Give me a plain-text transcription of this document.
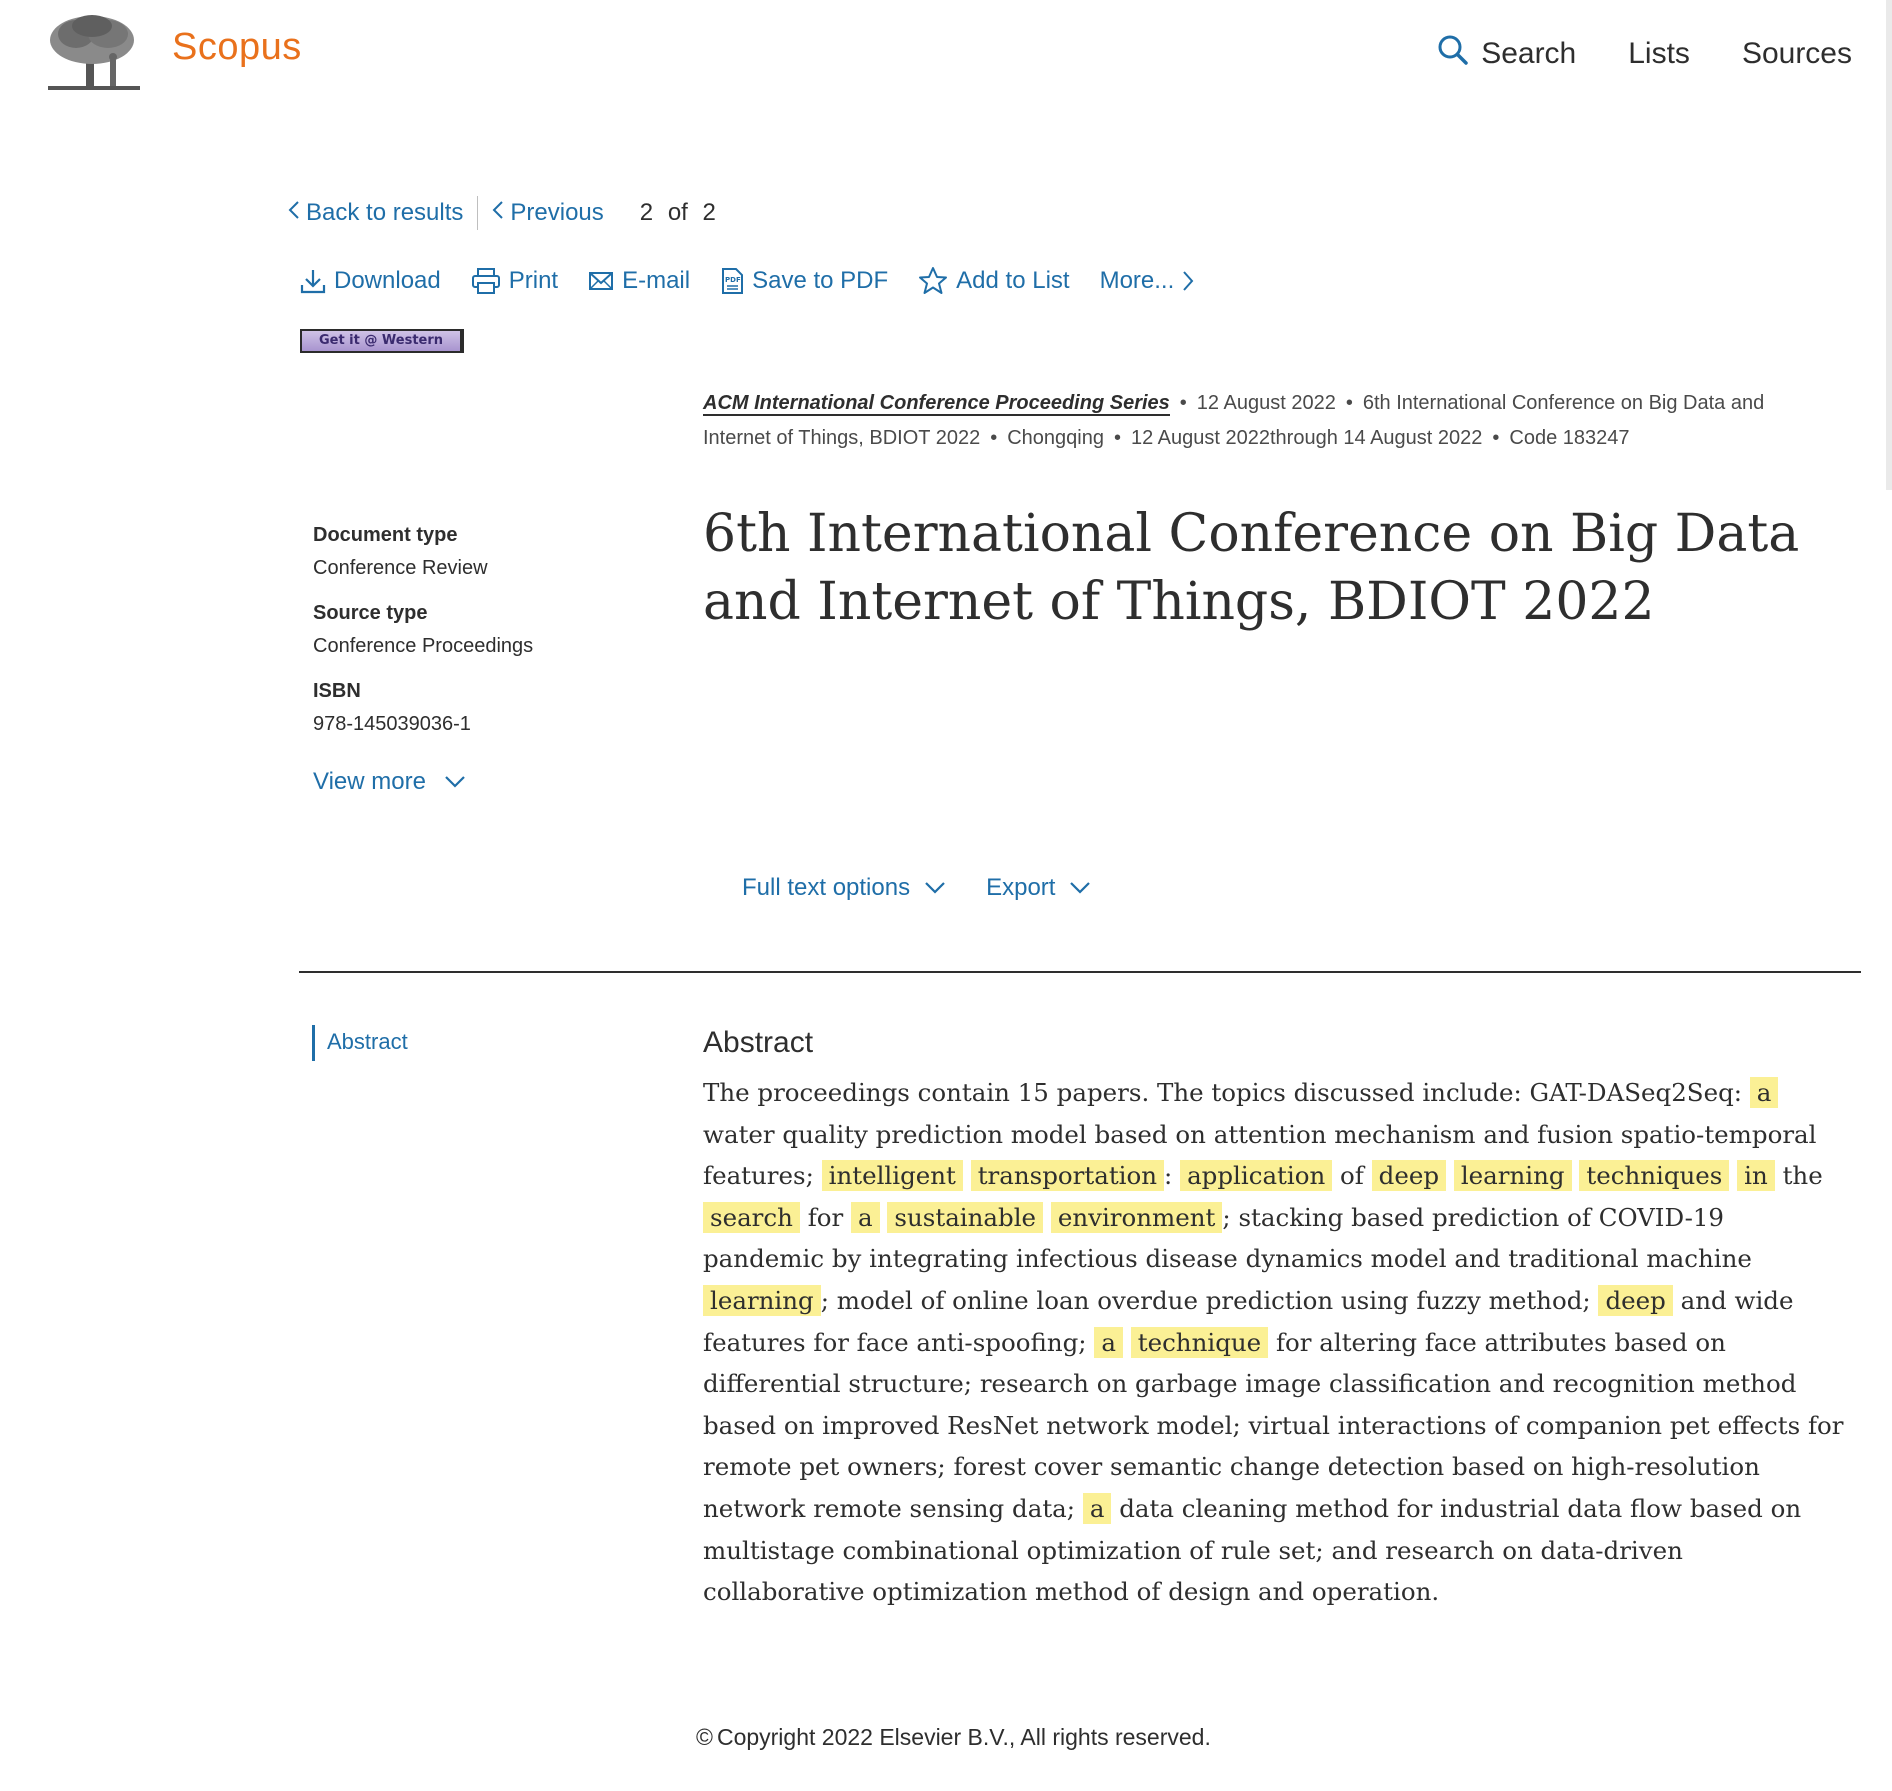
Scopus	Search Lists Sources
Back to results Previous 2 of 2
Download	Print	E-mail	PDF Save to PDF	Add to List More...
Get it @ Western
ACM International Conference Proceeding Series • 12 August 2022 • 6th International Conference on Big Data and Internet of Things, BDIOT 2022 • Chongqing • 12 August 2022through 14 August 2022 • Code 183247
6th International Conference on Big Data and Internet of Things, BDIOT 2022
Document type
Conference Review
Source type
Conference Proceedings
ISBN
978-145039036-1
View more
Full text options	Export
Abstract	Abstract
The proceedings contain 15 papers. The topics discussed include: GAT-DASeq2Seq: a water quality prediction model based on attention mechanism and fusion spatio-temporal features; intelligent transportation : application of deep learning techniques in the search for a sustainable environment ; stacking based prediction of COVID-19 pandemic by integrating infectious disease dynamics model and traditional machine learning ; model of online loan overdue prediction using fuzzy method; deep and wide features for face anti-spoofing; a technique for altering face attributes based on differential structure; research on garbage image classification and recognition method based on improved ResNet network model; virtual interactions of companion pet effects for remote pet owners; forest cover semantic change detection based on high-resolution network remote sensing data; a data cleaning method for industrial data flow based on multistage combinational optimization of rule set; and research on data-driven collaborative optimization method of design and operation.
© Copyright 2022 Elsevier B.V., All rights reserved.
